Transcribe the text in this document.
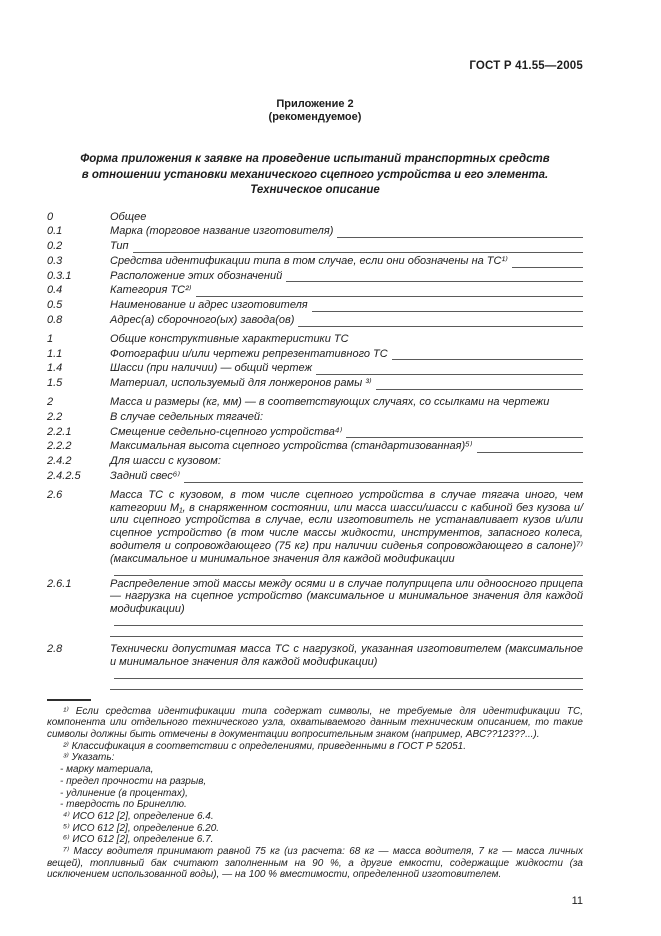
ГОСТ Р 41.55—2005
Приложение 2
(рекомендуемое)
Форма приложения к заявке на проведение испытаний транспортных средств
в отношении установки механического сцепного устройства и его элемента.
Техническое описание
0	Общее
0.1	Марка (торговое название изготовителя)
0.2	Тип
0.3	Средства идентификации типа в том случае, если они обозначены на ТС¹⁾
0.3.1	Расположение этих обозначений
0.4	Категория ТС²⁾
0.5	Наименование и адрес изготовителя
0.8	Адрес(а) сборочного(ых) завода(ов)
1	Общие конструктивные характеристики ТС
1.1	Фотографии и/или чертежи репрезентативного ТС
1.4	Шасси (при наличии) — общий чертеж
1.5	Материал, используемый для лонжеронов рамы ³⁾
2	Масса и размеры (кг, мм) — в соответствующих случаях, со ссылками на чертежи
2.2	В случае седельных тягачей:
2.2.1	Смещение седельно-сцепного устройства⁴⁾
2.2.2	Максимальная высота сцепного устройства (стандартизованная)⁵⁾
2.4.2	Для шасси с кузовом:
2.4.2.5	Задний свес⁶⁾
2.6	Масса ТС с кузовом, в том числе сцепного устройства в случае тягача иного, чем категории М₁, в снаряженном состоянии, или масса шасси/шасси с кабиной без кузова и/или сцепного устройства в случае, если изготовитель не устанавливает кузов и/или сцепное устройство (в том числе массы жидкости, инструментов, запасного колеса, водителя и сопровождающего (75 кг) при наличии сиденья сопровождающего в салоне)⁷⁾ (максимальное и минимальное значения для каждой модификации
2.6.1	Распределение этой массы между осями и в случае полуприцепа или одноосного прицепа — нагрузка на сцепное устройство (максимальное и минимальное значения для каждой модификации)
2.8	Технически допустимая масса ТС с нагрузкой, указанная изготовителем (максимальное и минимальное значения для каждой модификации)
¹⁾ Если средства идентификации типа содержат символы, не требуемые для идентификации ТС, компонента или отдельного технического узла, охватываемого данным техническим описанием, то такие символы должны быть отмечены в документации вопросительным знаком (например, АВС??123??...).
²⁾ Классификация в соответствии с определениями, приведенными в ГОСТ Р 52051.
³⁾ Указать:
- марку материала,
- предел прочности на разрыв,
- удлинение (в процентах),
- твердость по Бринеллю.
⁴⁾ ИСО 612 [2], определение 6.4.
⁵⁾ ИСО 612 [2], определение 6.20.
⁶⁾ ИСО 612 [2], определение 6.7.
⁷⁾ Массу водителя принимают равной 75 кг (из расчета: 68 кг — масса водителя, 7 кг — масса личных вещей), топливный бак считают заполненным на 90 %, а другие емкости, содержащие жидкости (за исключением использованной воды), — на 100 % вместимости, определенной изготовителем.
11
